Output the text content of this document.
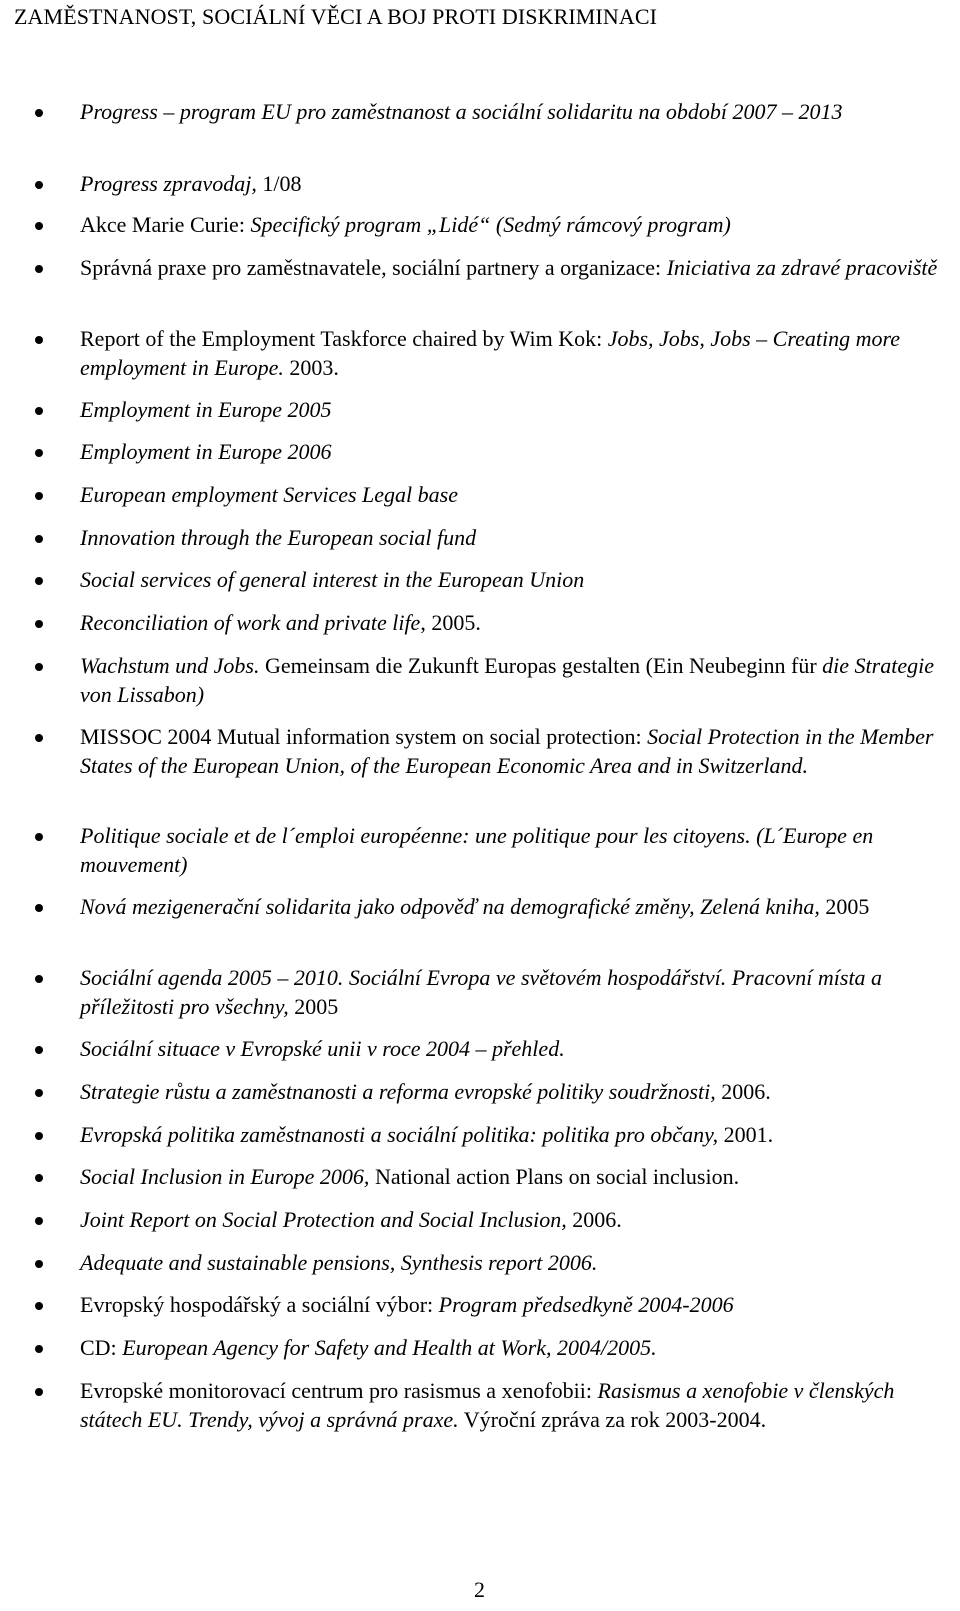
ZAMĚSTNANOST, SOCIÁLNÍ VĚCI A BOJ PROTI DISKRIMINACI
Progress – program EU pro zaměstnanost a sociální solidaritu na období 2007 – 2013
Progress zpravodaj, 1/08
Akce Marie Curie: Specifický program „Lidé“ (Sedmý rámcový program)
Správná praxe pro zaměstnavatele, sociální partnery a organizace: Iniciativa za zdravé pracoviště
Report of the Employment Taskforce chaired by Wim Kok: Jobs, Jobs, Jobs – Creating more employment in Europe. 2003.
Employment in Europe 2005
Employment in Europe 2006
European employment Services Legal base
Innovation through the European social fund
Social services of general interest in the European Union
Reconciliation of work and private life, 2005.
Wachstum und Jobs. Gemeinsam die Zukunft Europas gestalten (Ein Neubeginn für die Strategie von Lissabon)
MISSOC 2004 Mutual information system on social protection: Social Protection in the Member States of the European Union, of the European Economic Area and in Switzerland.
Politique sociale et de l´emploi européenne: une politique pour les citoyens. (L´Europe en mouvement)
Nová mezigenerační solidarita jako odpověď na demografické změny, Zelená kniha, 2005
Sociální agenda 2005 – 2010. Sociální Evropa ve světovém hospodářství. Pracovní místa a příležitosti pro všechny, 2005
Sociální situace v Evropské unii v roce 2004 – přehled.
Strategie růstu a zaměstnanosti a reforma evropské politiky soudržnosti, 2006.
Evropská politika zaměstnanosti a sociální politika: politika pro občany, 2001.
Social Inclusion in Europe 2006, National action Plans on social inclusion.
Joint Report on Social Protection and Social Inclusion, 2006.
Adequate and sustainable pensions, Synthesis report 2006.
Evropský hospodářský a sociální výbor: Program předsedkyně 2004-2006
CD: European Agency for Safety and Health at Work, 2004/2005.
Evropské monitorovací centrum pro rasismus a xenofobii: Rasismus a xenofobie v členských státech EU. Trendy, vývoj a správná praxe. Výroční zpráva za rok 2003-2004.
2
